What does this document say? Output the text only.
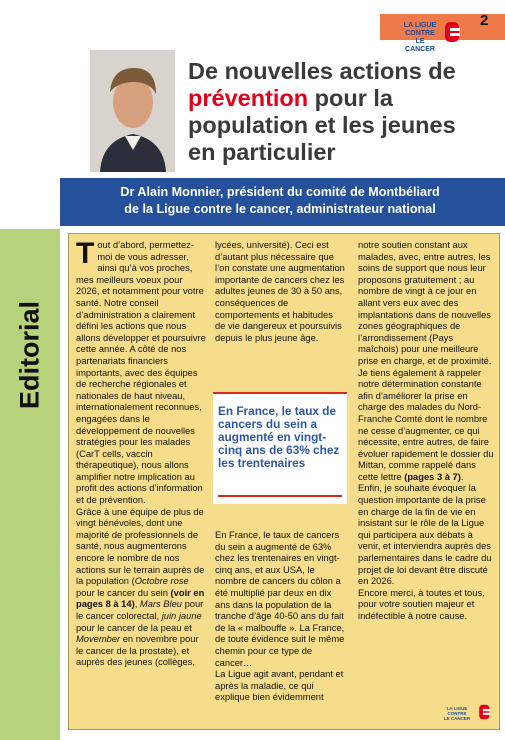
Editorial
2
LA LIGUE
CONTRE
LE CANCER
De nouvelles actions de prévention pour la population et les jeunes en particulier
Dr Alain Monnier, président du comité de Montbéliard
de la Ligue contre le cancer, administrateur national
Tout d’abord, permettez-moi de vous adresser, ainsi qu’à vos proches, mes meilleurs voeux pour 2026, et notamment pour votre santé. Notre conseil d’administration a clairement défini les actions que nous allons développer et poursuivre cette année. A côté de nos partenariats financiers importants, avec des équipes de recherche régionales et nationales de haut niveau, internationalement reconnues, engagées dans le développement de nouvelles stratégies pour les malades (CarT cells, vaccin thérapeutique), nous allons amplifier notre implication au profit des actions d’information et de prévention.
Grâce à une équipe de plus de vingt bénévoles, dont une majorité de professionnels de santé, nous augmenterons encore le nombre de nos actions sur le terrain auprès de la population (Octobre rose pour le cancer du sein (voir en pages 8 à 14), Mars Bleu pour le cancer colorectal, juin jaune pour le cancer de la peau et Movember en novembre pour le cancer de la prostate), et auprès des jeunes (collèges,
lycées, université). Ceci est d’autant plus nécessaire que l’on constate une augmentation importante de cancers chez les adultes jeunes de 30 à 50 ans, conséquences de comportements et habitudes de vie dangereux et poursuivis depuis le plus jeune âge.
En France, le taux de cancers du sein a augmenté en vingt-cinq ans de 63% chez les trentenaires
En France, le taux de cancers du sein a augmenté de 63% chez les trentenaires en vingt-cinq ans, et aux USA, le nombre de cancers du côlon a été multiplié par deux en dix ans dans la population de la tranche d’âge 40-50 ans du fait de la « malbouffe ». La France, de toute évidence suit le même chemin pour ce type de cancer…
La Ligue agit avant, pendant et après la maladie, ce qui explique bien évidemment
notre soutien constant aux malades, avec, entre autres, les soins de support que nous leur proposons gratuitement ; au nombre de vingt à ce jour en allant vers eux avec des implantations dans de nouvelles zones géographiques de l’arrondissement (Pays maîchois) pour une meilleure prise en charge, et de proximité.
Je tiens également à rappeler notre détermination constante afin d’améliorer la prise en charge des malades du Nord-Franche Comté dont le nombre ne cesse d’augmenter, ce qui nécessite, entre autres, de faire évoluer rapidement le dossier du Mittan, comme rappelé dans cette lettre (pages 3 à 7).
Enfin, je souhaite évoquer la question importante de la prise en charge de la fin de vie en insistant sur le rôle de la Ligue qui participera aux débats à venir, et interviendra auprès des parlementaires dans le cadre du projet de loi devant être discuté en 2026.
Encore merci, à toutes et tous, pour votre soutien majeur et indéfectible à notre cause.
LA LIGUE
CONTRE
LE CANCER
